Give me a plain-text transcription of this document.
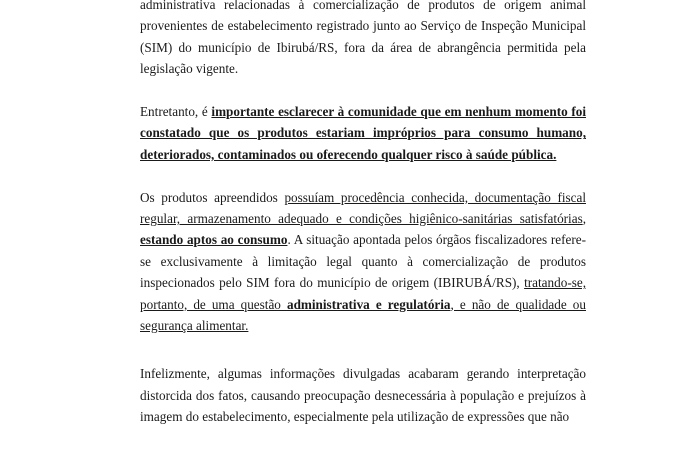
administrativa relacionadas à comercialização de produtos de origem animal provenientes de estabelecimento registrado junto ao Serviço de Inspeção Municipal (SIM) do município de Ibirubá/RS, fora da área de abrangência permitida pela legislação vigente.

Entretanto, é importante esclarecer à comunidade que em nenhum momento foi constatado que os produtos estariam impróprios para consumo humano, deteriorados, contaminados ou oferecendo qualquer risco à saúde pública.

Os produtos apreendidos possuíam procedência conhecida, documentação fiscal regular, armazenamento adequado e condições higiênico-sanitárias satisfatórias, estando aptos ao consumo. A situação apontada pelos órgãos fiscalizadores refere-se exclusivamente à limitação legal quanto à comercialização de produtos inspecionados pelo SIM fora do município de origem (IBIRUBÁ/RS), tratando-se, portanto, de uma questão administrativa e regulatória, e não de qualidade ou segurança alimentar.

Infelizmente, algumas informações divulgadas acabaram gerando interpretação distorcida dos fatos, causando preocupação desnecessária à população e prejuízos à imagem do estabelecimento, especialmente pela utilização de expressões que não
